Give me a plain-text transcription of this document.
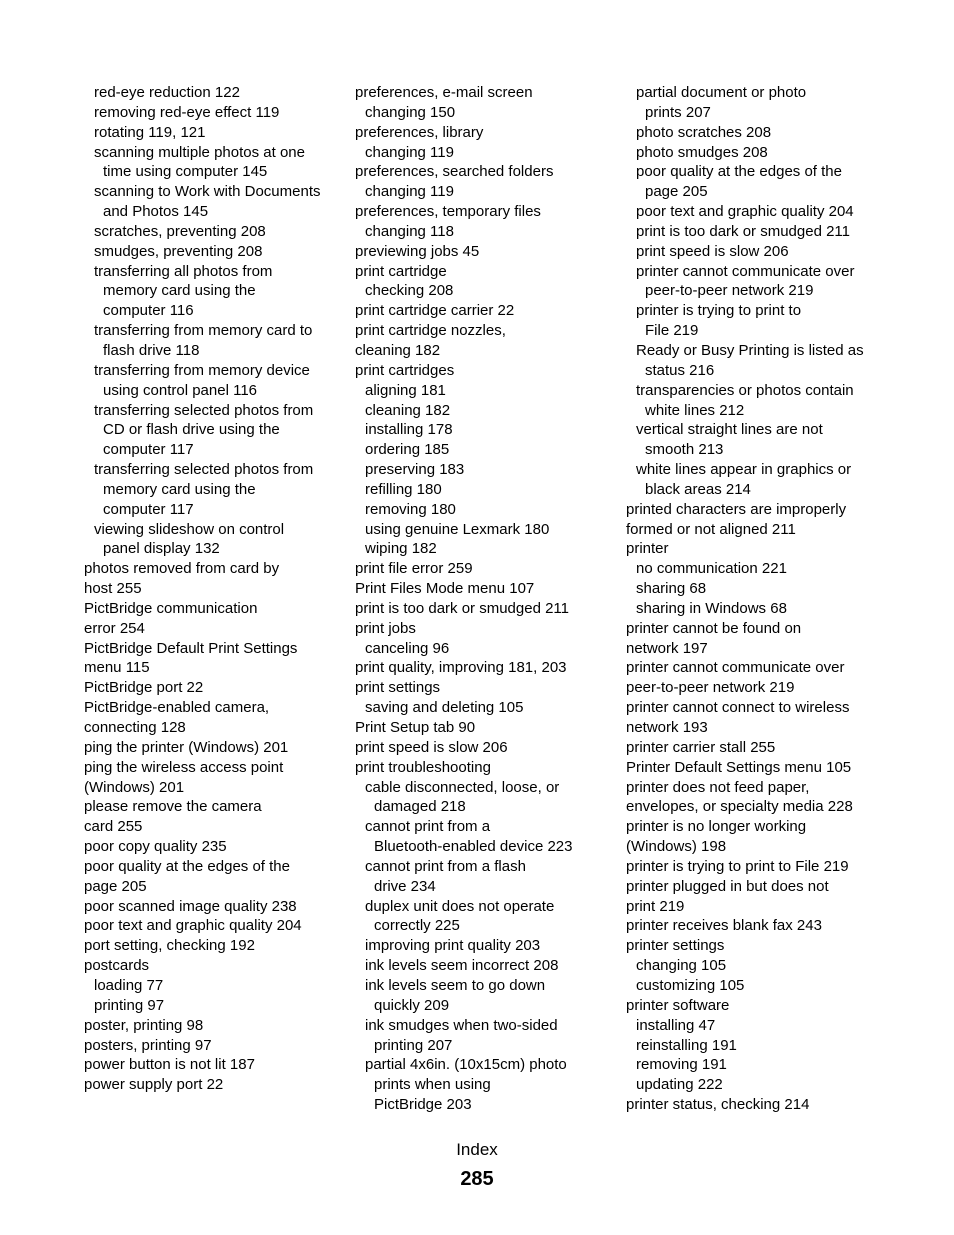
red-eye reduction 122
removing red-eye effect 119
rotating 119, 121
scanning multiple photos at one
time using computer 145
scanning to Work with Documents
and Photos 145
scratches, preventing 208
smudges, preventing 208
transferring all photos from
memory card using the
computer 116
transferring from memory card to
flash drive 118
transferring from memory device
using control panel 116
transferring selected photos from
CD or flash drive using the
computer 117
transferring selected photos from
memory card using the
computer 117
viewing slideshow on control
panel display 132
photos removed from card by
host 255
PictBridge communication
error 254
PictBridge Default Print Settings
menu 115
PictBridge port 22
PictBridge-enabled camera,
connecting 128
ping the printer (Windows) 201
ping the wireless access point
(Windows) 201
please remove the camera
card 255
poor copy quality 235
poor quality at the edges of the
page 205
poor scanned image quality 238
poor text and graphic quality 204
port setting, checking 192
postcards
loading 77
printing 97
poster, printing 98
posters, printing 97
power button is not lit 187
power supply port 22
preferences, e-mail screen
changing 150
preferences, library
changing 119
preferences, searched folders
changing 119
preferences, temporary files
changing 118
previewing jobs 45
print cartridge
checking 208
print cartridge carrier 22
print cartridge nozzles,
cleaning 182
print cartridges
aligning 181
cleaning 182
installing 178
ordering 185
preserving 183
refilling 180
removing 180
using genuine Lexmark 180
wiping 182
print file error 259
Print Files Mode menu 107
print is too dark or smudged 211
print jobs
canceling 96
print quality, improving 181, 203
print settings
saving and deleting 105
Print Setup tab 90
print speed is slow 206
print troubleshooting
cable disconnected, loose, or
damaged 218
cannot print from a
Bluetooth-enabled device 223
cannot print from a flash
drive 234
duplex unit does not operate
correctly 225
improving print quality 203
ink levels seem incorrect 208
ink levels seem to go down
quickly 209
ink smudges when two-sided
printing 207
partial 4x6in. (10x15cm) photo
prints when using
PictBridge 203
partial document or photo
prints 207
photo scratches 208
photo smudges 208
poor quality at the edges of the
page 205
poor text and graphic quality 204
print is too dark or smudged 211
print speed is slow 206
printer cannot communicate over
peer-to-peer network 219
printer is trying to print to
File 219
Ready or Busy Printing is listed as
status 216
transparencies or photos contain
white lines 212
vertical straight lines are not
smooth 213
white lines appear in graphics or
black areas 214
printed characters are improperly
formed or not aligned 211
printer
no communication 221
sharing 68
sharing in Windows 68
printer cannot be found on
network 197
printer cannot communicate over
peer-to-peer network 219
printer cannot connect to wireless
network 193
printer carrier stall 255
Printer Default Settings menu 105
printer does not feed paper,
envelopes, or specialty media 228
printer is no longer working
(Windows) 198
printer is trying to print to File 219
printer plugged in but does not
print 219
printer receives blank fax 243
printer settings
changing 105
customizing 105
printer software
installing 47
reinstalling 191
removing 191
updating 222
printer status, checking 214
Index
285
